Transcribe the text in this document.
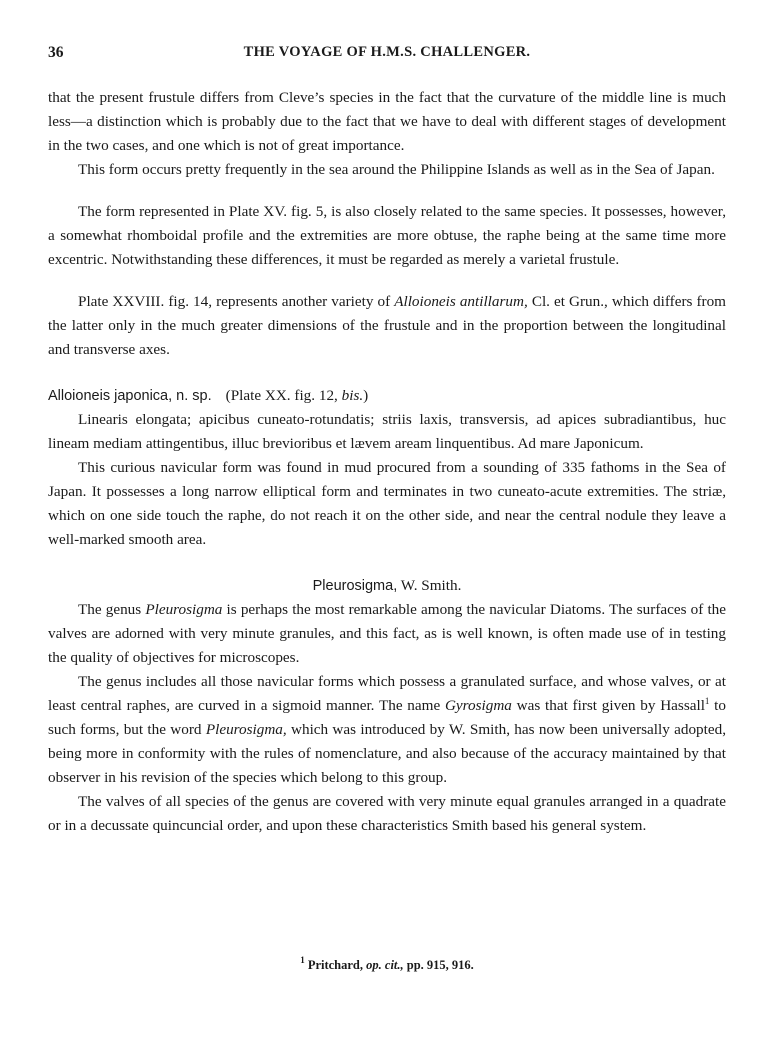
36	THE VOYAGE OF H.M.S. CHALLENGER.

that the present frustule differs from Cleve’s species in the fact that the curvature of the middle line is much less—a distinction which is probably due to the fact that we have to deal with different stages of development in the two cases, and one which is not of great importance.

This form occurs pretty frequently in the sea around the Philippine Islands as well as in the Sea of Japan.

The form represented in Plate XV. fig. 5, is also closely related to the same species. It possesses, however, a somewhat rhomboidal profile and the extremities are more obtuse, the raphe being at the same time more excentric. Notwithstanding these differences, it must be regarded as merely a varietal frustule.

Plate XXVIII. fig. 14, represents another variety of Alloioneis antillarum, Cl. et Grun., which differs from the latter only in the much greater dimensions of the frustule and in the proportion between the longitudinal and transverse axes.

Alloioneis japonica, n. sp. (Plate XX. fig. 12, bis.)

Linearis elongata; apicibus cuneato-rotundatis; striis laxis, transversis, ad apices subradiantibus, huc lineam mediam attingentibus, illuc brevioribus et lævem aream linquentibus. Ad mare Japonicum.

This curious navicular form was found in mud procured from a sounding of 335 fathoms in the Sea of Japan. It possesses a long narrow elliptical form and terminates in two cuneato-acute extremities. The striæ, which on one side touch the raphe, do not reach it on the other side, and near the central nodule they leave a well-marked smooth area.

Pleurosigma, W. Smith.

The genus Pleurosigma is perhaps the most remarkable among the navicular Diatoms. The surfaces of the valves are adorned with very minute granules, and this fact, as is well known, is often made use of in testing the quality of objectives for microscopes.

The genus includes all those navicular forms which possess a granulated surface, and whose valves, or at least central raphes, are curved in a sigmoid manner. The name Gyrosigma was that first given by Hassall$^1$ to such forms, but the word Pleurosigma, which was introduced by W. Smith, has now been universally adopted, being more in conformity with the rules of nomenclature, and also because of the accuracy maintained by that observer in his revision of the species which belong to this group.

The valves of all species of the genus are covered with very minute equal granules arranged in a quadrate or in a decussate quincuncial order, and upon these characteristics Smith based his general system.

$^1$ Pritchard, op. cit., pp. 915, 916.
